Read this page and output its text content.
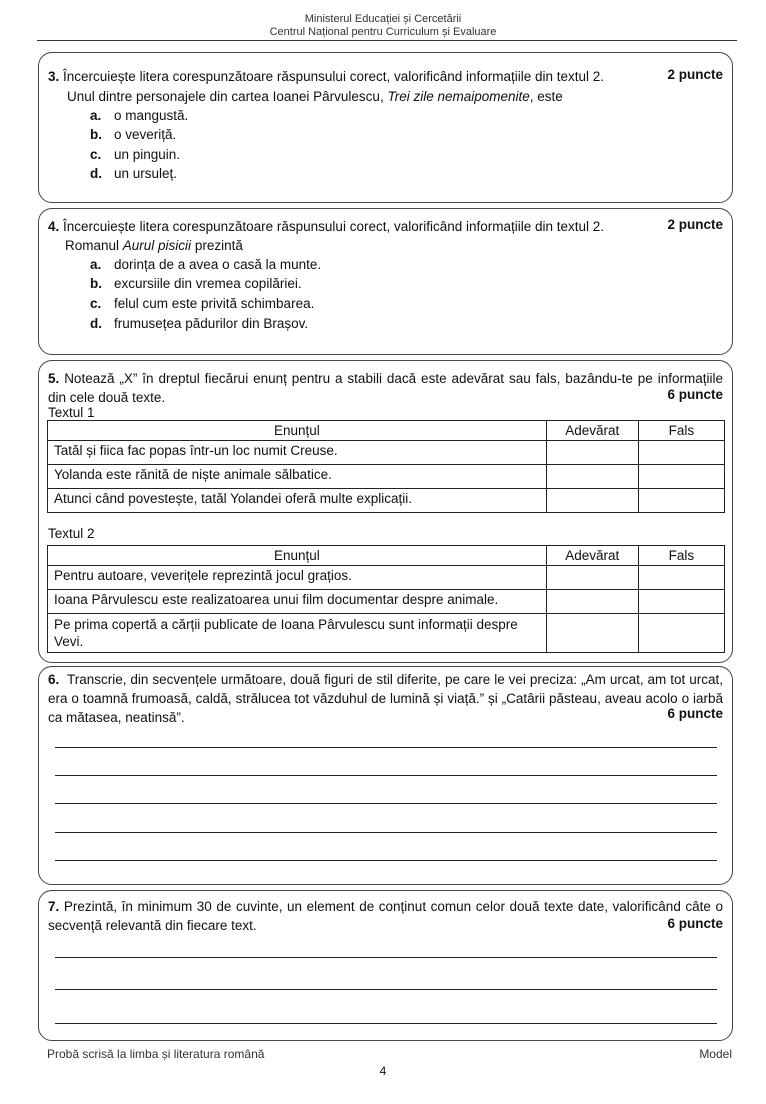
Ministerul Educației și Cercetării
Centrul Național pentru Curriculum și Evaluare
3. Încercuiește litera corespunzătoare răspunsului corect, valorificând informațiile din textul 2.	2 puncte
Unul dintre personajele din cartea Ioanei Pârvulescu, Trei zile nemaipomenite, este
a. o mangustă.
b. o veveriță.
c. un pinguin.
d. un ursuleț.
4. Încercuiește litera corespunzătoare răspunsului corect, valorificând informațiile din textul 2.	2 puncte
Romanul Aurul pisicii prezintă
a. dorința de a avea o casă la munte.
b. excursiile din vremea copilăriei.
c. felul cum este privită schimbarea.
d. frumusețea pădurilor din Brașov.
5. Notează „X” în dreptul fiecărui enunț pentru a stabili dacă este adevărat sau fals, bazându-te pe informațiile din cele două texte.	6 puncte
Textul 1
Enunțul	Adevărat	Fals
Tatăl și fiica fac popas într-un loc numit Creuse.		
Yolanda este rănită de niște animale sălbatice.		
Atunci când povestește, tatăl Yolandei oferă multe explicații.		
Textul 2
Enunțul	Adevărat	Fals
Pentru autoare, veverițele reprezintă jocul grațios.		
Ioana Pârvulescu este realizatoarea unui film documentar despre animale.		
Pe prima copertă a cărții publicate de Ioana Pârvulescu sunt informații despre Vevi.		
6. Transcrie, din secvențele următoare, două figuri de stil diferite, pe care le vei preciza: „Am urcat, am tot urcat, era o toamnă frumoasă, caldă, strălucea tot văzduhul de lumină și viață.” și „Catârii păsteau, aveau acolo o iarbă ca mătasea, neatinsă”.	6 puncte
7. Prezintă, în minimum 30 de cuvinte, un element de conținut comun celor două texte date, valorificând câte o secvență relevantă din fiecare text.	6 puncte
Probă scrisă la limba și literatura română	Model
4
